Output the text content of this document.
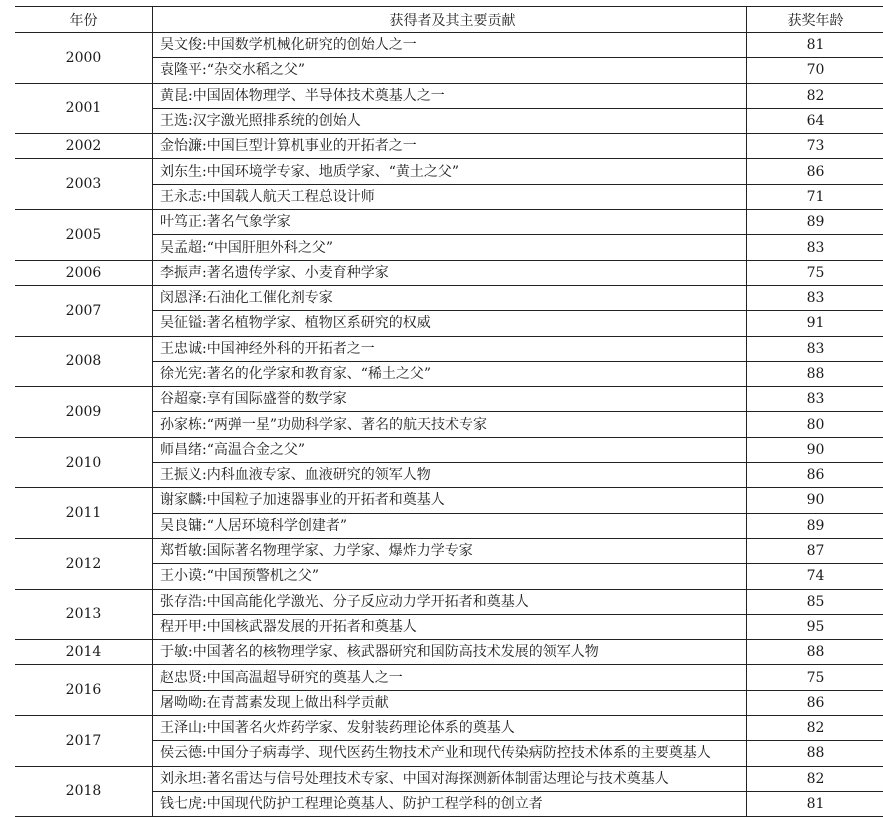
年份	获得者及其主要贡献	获奖年龄
2000	吴文俊:中国数学机械化研究的创始人之一	81
	袁隆平:“杂交水稻之父”	70
2001	黄昆:中国固体物理学、半导体技术奠基人之一	82
	王选:汉字激光照排系统的创始人	64
2002	金怡濂:中国巨型计算机事业的开拓者之一	73
2003	刘东生:中国环境学专家、地质学家、“黄土之父”	86
	王永志:中国载人航天工程总设计师	71
2005	叶笃正:著名气象学家	89
	吴孟超:“中国肝胆外科之父”	83
2006	李振声:著名遗传学家、小麦育种学家	75
2007	闵恩泽:石油化工催化剂专家	83
	吴征镒:著名植物学家、植物区系研究的权威	91
2008	王忠诚:中国神经外科的开拓者之一	83
	徐光宪:著名的化学家和教育家、“稀土之父”	88
2009	谷超豪:享有国际盛誉的数学家	83
	孙家栋:“两弹一星”功勋科学家、著名的航天技术专家	80
2010	师昌绪:“高温合金之父”	90
	王振义:内科血液专家、血液研究的领军人物	86
2011	谢家麟:中国粒子加速器事业的开拓者和奠基人	90
	吴良镛:“人居环境科学创建者”	89
2012	郑哲敏:国际著名物理学家、力学家、爆炸力学专家	87
	王小谟:“中国预警机之父”	74
2013	张存浩:中国高能化学激光、分子反应动力学开拓者和奠基人	85
	程开甲:中国核武器发展的开拓者和奠基人	95
2014	于敏:中国著名的核物理学家、核武器研究和国防高技术发展的领军人物	88
2016	赵忠贤:中国高温超导研究的奠基人之一	75
	屠呦呦:在青蒿素发现上做出科学贡献	86
2017	王泽山:中国著名火炸药学家、发射装药理论体系的奠基人	82
	侯云德:中国分子病毒学、现代医药生物技术产业和现代传染病防控技术体系的主要奠基人	88
2018	刘永坦:著名雷达与信号处理技术专家、中国对海探测新体制雷达理论与技术奠基人	82
	钱七虎:中国现代防护工程理论奠基人、防护工程学科的创立者	81
